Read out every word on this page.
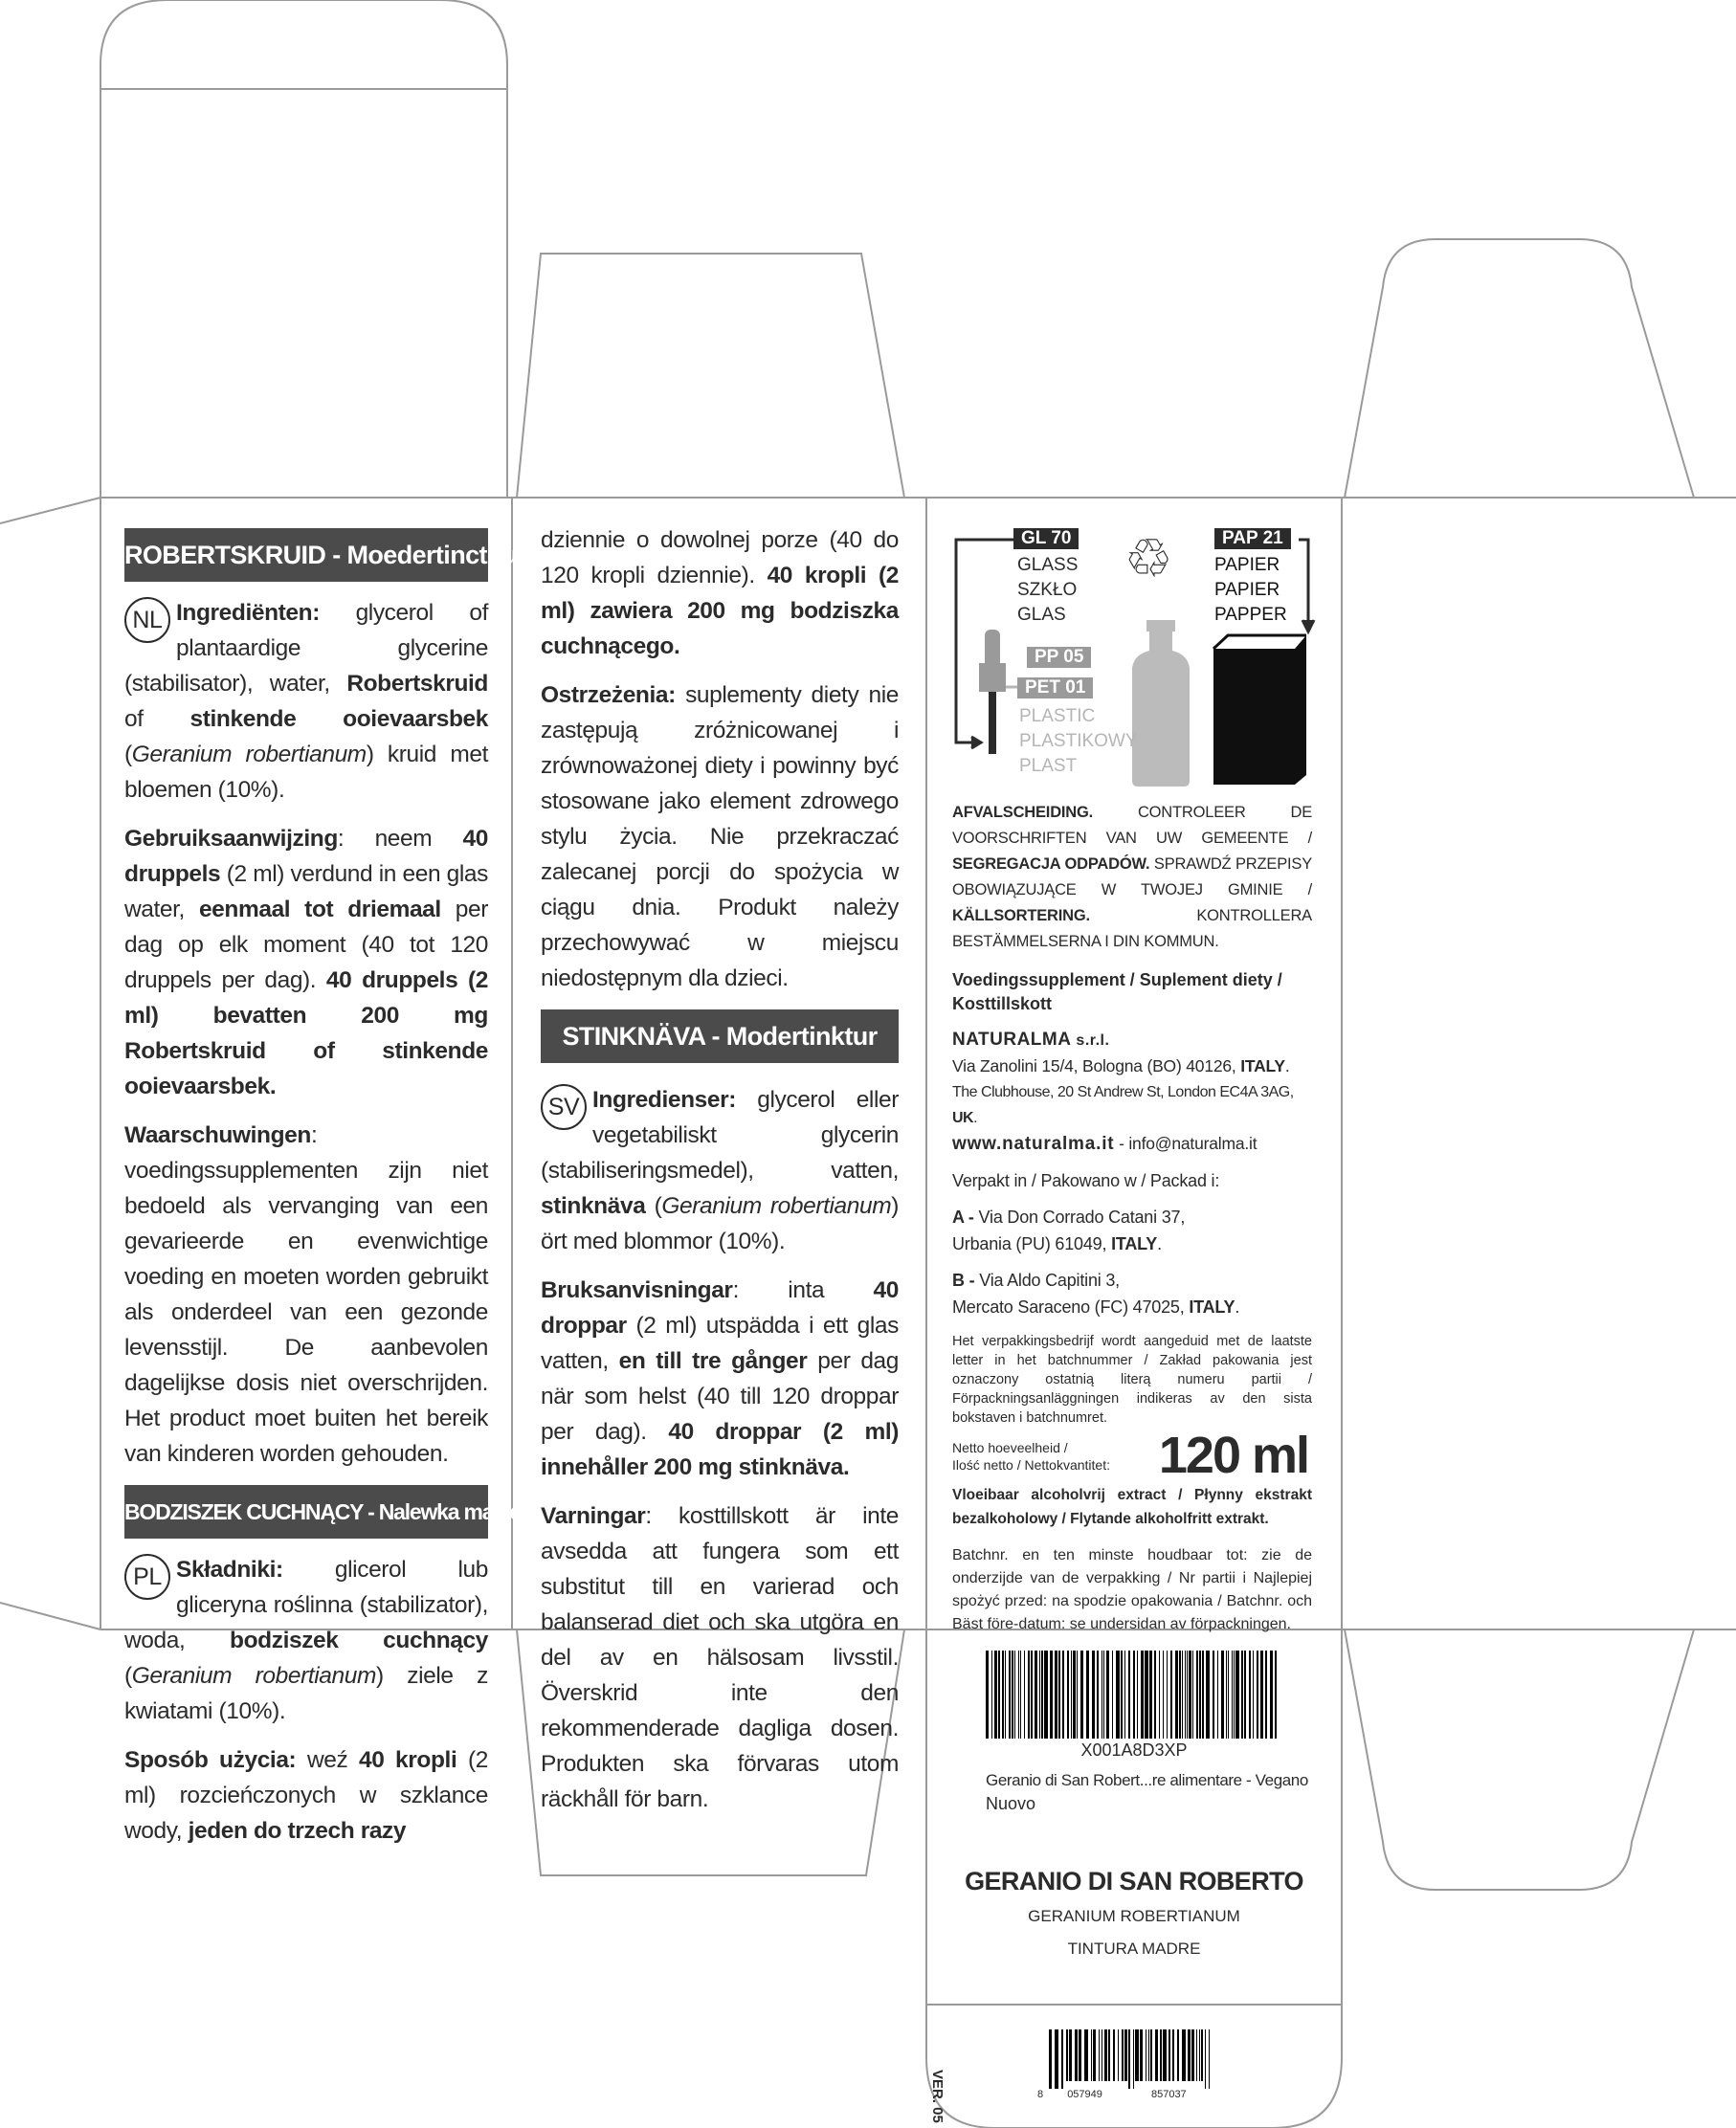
ROBERTSKRUID - Moedertinctuur

NL Ingrediënten: glycerol of plantaardige glycerine (stabilisator), water, Robertskruid of stinkende ooievaarsbek (Geranium robertianum) kruid met bloemen (10%).

Gebruiksaanwijzing: neem 40 druppels (2 ml) verdund in een glas water, eenmaal tot driemaal per dag op elk moment (40 tot 120 druppels per dag). 40 druppels (2 ml) bevatten 200 mg Robertskruid of stinkende ooievaarsbek.

Waarschuwingen: voedingssupplementen zijn niet bedoeld als vervanging van een gevarieerde en evenwichtige voeding en moeten worden gebruikt als onderdeel van een gezonde levensstijl. De aanbevolen dagelijkse dosis niet overschrijden. Het product moet buiten het bereik van kinderen worden gehouden.

BODZISZEK CUCHNĄCY - Nalewka macierzysta

PL Składniki: glicerol lub gliceryna roślinna (stabilizator), woda, bodziszek cuchnący (Geranium robertianum) ziele z kwiatami (10%).

Sposób użycia: weź 40 kropli (2 ml) rozcieńczonych w szklance wody, jeden do trzech razy

dziennie o dowolnej porze (40 do 120 kropli dziennie). 40 kropli (2 ml) zawiera 200 mg bodziszka cuchnącego.

Ostrzeżenia: suplementy diety nie zastępują zróżnicowanej i zrównoważonej diety i powinny być stosowane jako element zdrowego stylu życia. Nie przekraczać zalecanej porcji do spożycia w ciągu dnia. Produkt należy przechowywać w miejscu niedostępnym dla dzieci.

STINKNÄVA - Modertinktur

SV Ingredienser: glycerol eller vegetabiliskt glycerin (stabiliseringsmedel), vatten, stinknäva (Geranium robertianum) ört med blommor (10%).

Bruksanvisningar: inta 40 droppar (2 ml) utspädda i ett glas vatten, en till tre gånger per dag när som helst (40 till 120 droppar per dag). 40 droppar (2 ml) innehåller 200 mg stinknäva.

Varningar: kosttillskott är inte avsedda att fungera som ett substitut till en varierad och balanserad diet och ska utgöra en del av en hälsosam livsstil. Överskrid inte den rekommenderade dagliga dosen. Produkten ska förvaras utom räckhåll för barn.

GL 70
GLASS
SZKŁO
GLAS
♲	PAP 21
PAPIER
PAPIER
PAPPER
PP 05
PET 01
PLASTIC
PLASTIKOWY
PLAST

AFVALSCHEIDING. CONTROLEER DE VOORSCHRIFTEN VAN UW GEMEENTE / SEGREGACJA ODPADÓW. SPRAWDŹ PRZEPISY OBOWIĄZUJĄCE W TWOJEJ GMINIE / KÄLLSORTERING. KONTROLLERA BESTÄMMELSERNA I DIN KOMMUN.

Voedingssupplement / Suplement diety / Kosttillskott

NATURALMA s.r.l.
Via Zanolini 15/4, Bologna (BO) 40126, ITALY.
The Clubhouse, 20 St Andrew St, London EC4A 3AG, UK.
www.naturalma.it - info@naturalma.it
Verpakt in / Pakowano w / Packad i:
A - Via Don Corrado Catani 37,
Urbania (PU) 61049, ITALY.
B - Via Aldo Capitini 3,
Mercato Saraceno (FC) 47025, ITALY.

Het verpakkingsbedrijf wordt aangeduid met de laatste letter in het batchnummer / Zakład pakowania jest oznaczony ostatnią literą numeru partii / Förpackningsanläggningen indikeras av den sista bokstaven i batchnumret.

Netto hoeveelheid /
Ilość netto / Nettokvantitet: 120 ml

Vloeibaar alcoholvrij extract / Płynny ekstrakt bezalkoholowy / Flytande alkoholfritt extrakt.

Batchnr. en ten minste houdbaar tot: zie de onderzijde van de verpakking / Nr partii i Najlepiej spożyć przed: na spodzie opakowania / Batchnr. och Bäst före-datum: se undersidan av förpackningen.

X001A8D3XP
Geranio di San Robert...re alimentare - Vegano
Nuovo
GERANIO DI SAN ROBERTO
GERANIUM ROBERTIANUM
TINTURA MADRE
VER. 05	8 057949	857037
